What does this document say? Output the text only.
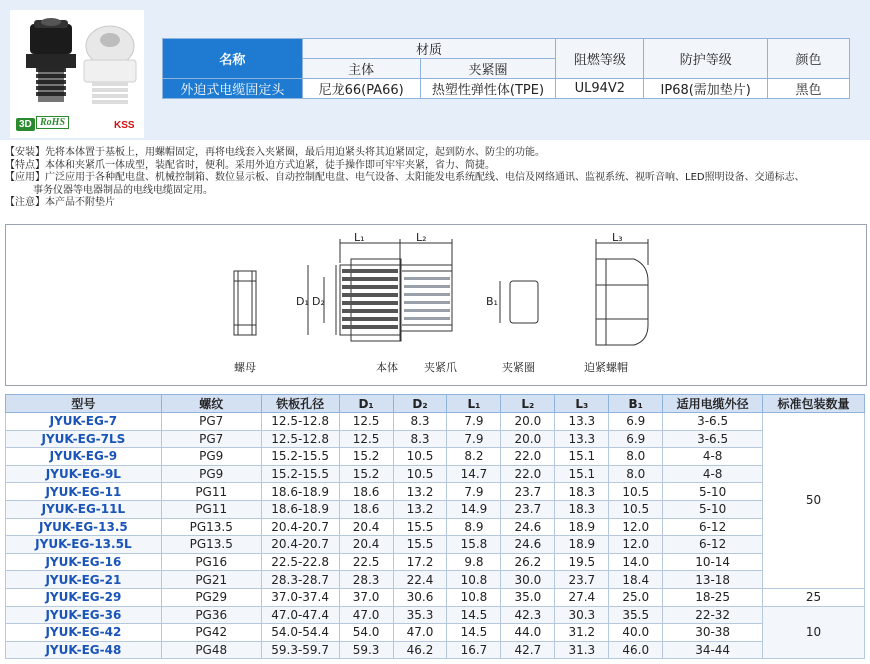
3D RoHS	KSS
名称	材质		阻燃等级	防护等级	颜色
	主体	夹紧圈			
外迫式电缆固定头	尼龙66(PA66)	热塑性弹性体(TPE)	UL94V2	IP68(需加垫片)	黑色
【安装】先将本体置于基板上，用螺帽固定，再将电线套入夹紧圈，最后用迫紧头将其迫紧固定，起到防水、防尘的功能。
【特点】本体和夹紧爪一体成型，装配省时，便利。采用外迫方式迫紧，徒手操作即可牢牢夹紧，省力、简捷。
【应用】广泛应用于各种配电盘、机械控制箱、数位显示板、自动控制配电盘、电气设备、太阳能发电系统配线、电信及网络通讯、监视系统、视听音响、LED照明设备、交通标志、
事务仪器等电器制品的电线电缆固定用。
【注意】本产品不附垫片
L₁	L₂	L₃
D₁ D₂	B₁
螺母	本体 夹紧爪	夹紧圈	迫紧螺帽
型号	螺纹	铁板孔径	D₁	D₂	L₁	L₂	L₃	B₁	适用电缆外径	标准包装数量
JYUK-EG-7	PG7	12.5-12.8	12.5	8.3	7.9	20.0	13.3	6.9	3-6.5	50
JYUK-EG-7LS	PG7	12.5-12.8	12.5	8.3	7.9	20.0	13.3	6.9	3-6.5	
JYUK-EG-9	PG9	15.2-15.5	15.2	10.5	8.2	22.0	15.1	8.0	4-8	
JYUK-EG-9L	PG9	15.2-15.5	15.2	10.5	14.7	22.0	15.1	8.0	4-8	
JYUK-EG-11	PG11	18.6-18.9	18.6	13.2	7.9	23.7	18.3	10.5	5-10	
JYUK-EG-11L	PG11	18.6-18.9	18.6	13.2	14.9	23.7	18.3	10.5	5-10	
JYUK-EG-13.5	PG13.5	20.4-20.7	20.4	15.5	8.9	24.6	18.9	12.0	6-12	
JYUK-EG-13.5L	PG13.5	20.4-20.7	20.4	15.5	15.8	24.6	18.9	12.0	6-12	
JYUK-EG-16	PG16	22.5-22.8	22.5	17.2	9.8	26.2	19.5	14.0	10-14	
JYUK-EG-21	PG21	28.3-28.7	28.3	22.4	10.8	30.0	23.7	18.4	13-18	
JYUK-EG-29	PG29	37.0-37.4	37.0	30.6	10.8	35.0	27.4	25.0	18-25	25
JYUK-EG-36	PG36	47.0-47.4	47.0	35.3	14.5	42.3	30.3	35.5	22-32	10
JYUK-EG-42	PG42	54.0-54.4	54.0	47.0	14.5	44.0	31.2	40.0	30-38	
JYUK-EG-48	PG48	59.3-59.7	59.3	46.2	16.7	42.7	31.3	46.0	34-44	
